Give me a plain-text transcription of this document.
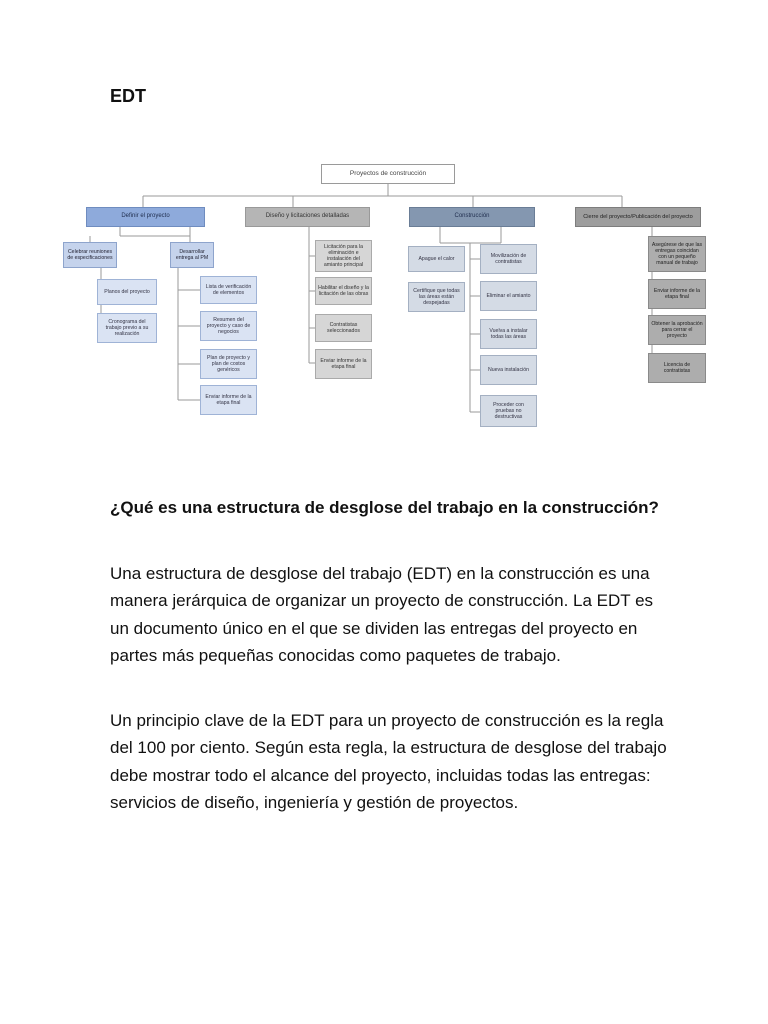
EDT
Proyectos de construcción
Definir el proyecto	Diseño y licitaciones detalladas	Construcción	Cierre del proyecto/Publicación del proyecto
Celebrar reuniones de especificaciones
Desarrollar entrega al PM
Planos del proyecto
Cronograma del trabajo previo a su realización
Lista de verificación de elementos
Resumen del proyecto y caso de negocios
Plan de proyecto y plan de costos genéricos
Enviar informe de la etapa final
Licitación para la eliminación e instalación del amianto principal
Habilitar el diseño y la licitación de las obras
Contratistas seleccionados
Enviar informe de la etapa final
Apague el calor
Certifique que todas las áreas están despejadas
Movilización de contratistas
Eliminar el amianto
Vuelva a instalar todas las áreas
Nueva instalación
Proceder con pruebas no destructivas
Asegúrese de que las entregas coincidan con un pequeño manual de trabajo
Enviar informe de la etapa final
Obtener la aprobación para cerrar el proyecto
Licencia de contratistas
¿Qué es una estructura de desglose del trabajo en la construcción?

Una estructura de desglose del trabajo (EDT) en la construcción es una manera jerárquica de organizar un proyecto de construcción. La EDT es un documento único en el que se dividen las entregas del proyecto en partes más pequeñas conocidas como paquetes de trabajo.

Un principio clave de la EDT para un proyecto de construcción es la regla del 100 por ciento. Según esta regla, la estructura de desglose del trabajo debe mostrar todo el alcance del proyecto, incluidas todas las entregas: servicios de diseño, ingeniería y gestión de proyectos.
